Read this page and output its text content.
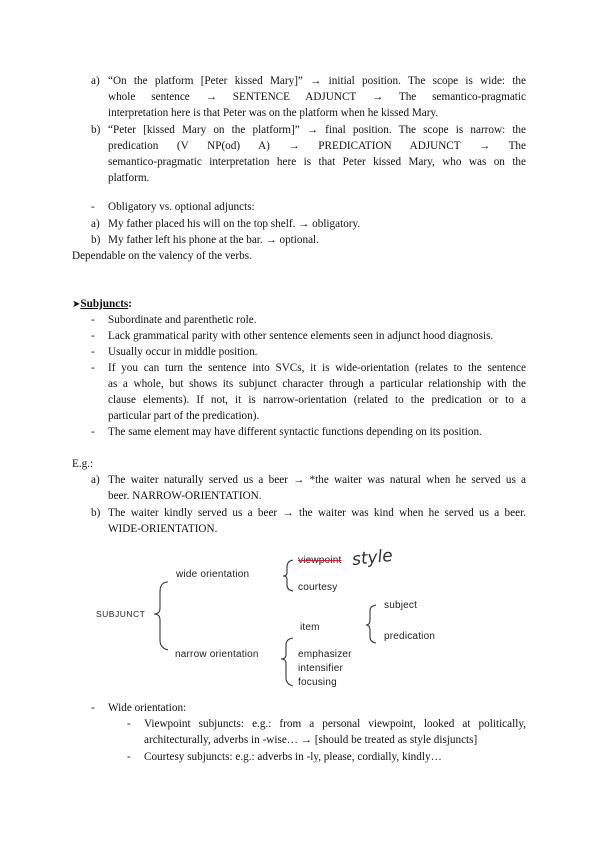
a) “On the platform [Peter kissed Mary]” → initial position. The scope is wide: the
whole sentence → SENTENCE ADJUNCT → The semantico-pragmatic
interpretation here is that Peter was on the platform when he kissed Mary.
b) “Peter [kissed Mary on the platform]” → final position. The scope is narrow: the
predication (V NP(od) A) → PREDICATION ADJUNCT → The
semantico-pragmatic interpretation here is that Peter kissed Mary, who was on the
platform.
- Obligatory vs. optional adjuncts:
a) My father placed his will on the top shelf. → obligatory.
b) My father left his phone at the bar. → optional.
Dependable on the valency of the verbs.
➤Subjuncts:
- Subordinate and parenthetic role.
- Lack grammatical parity with other sentence elements seen in adjunct hood diagnosis.
- Usually occur in middle position.
- If you can turn the sentence into SVCs, it is wide-orientation (relates to the sentence
as a whole, but shows its subjunct character through a particular relationship with the
clause elements). If not, it is narrow-orientation (related to the predication or to a
particular part of the predication).
- The same element may have different syntactic functions depending on its position.
E.g.:
a) The waiter naturally served us a beer → *the waiter was natural when he served us a
beer. NARROW-ORIENTATION.
b) The waiter kindly served us a beer → the waiter was kind when he served us a beer.
WIDE-ORIENTATION.
SUBJUNCT
wide orientation
narrow orientation
viewpoint style
courtesy
item
subject
predication
emphasizer
intensifier
focusing
- Wide orientation:
- Viewpoint subjuncts: e.g.: from a personal viewpoint, looked at politically,
architecturally, adverbs in -wise… → [should be treated as style disjuncts]
- Courtesy subjuncts: e.g.: adverbs in -ly, please, cordially, kindly…
